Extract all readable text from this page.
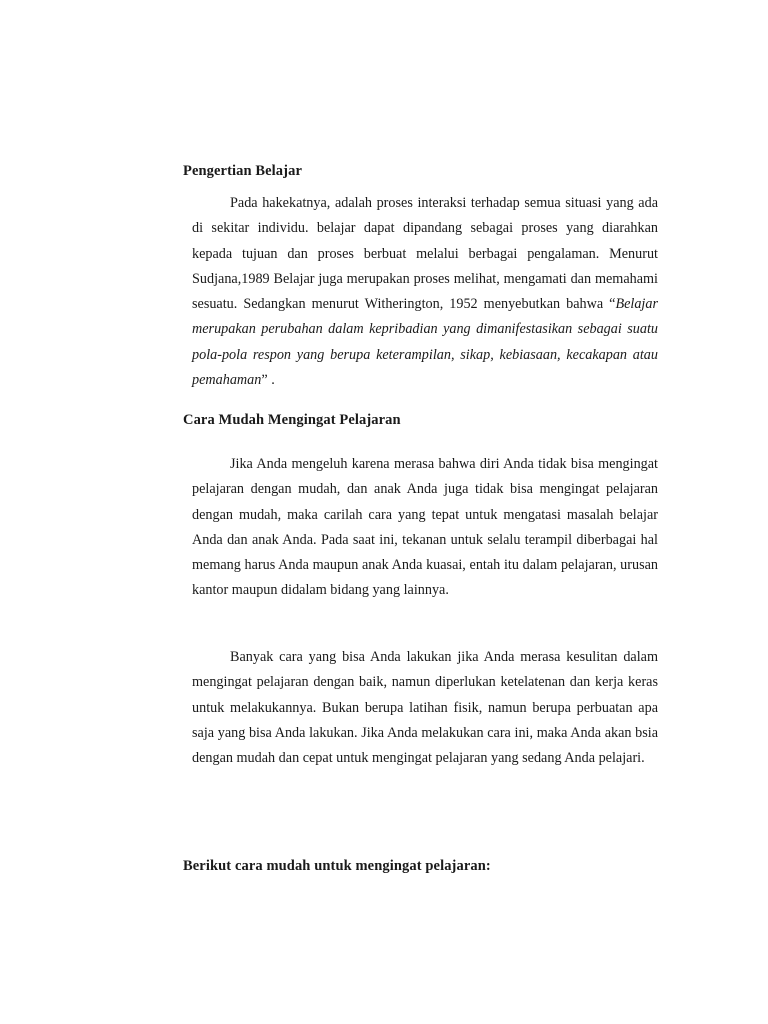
Pengertian Belajar
Pada hakekatnya, adalah proses interaksi terhadap semua situasi yang ada di sekitar individu. belajar dapat dipandang sebagai proses yang diarahkan kepada tujuan dan proses berbuat melalui berbagai pengalaman. Menurut Sudjana,1989 Belajar juga merupakan proses melihat, mengamati dan memahami sesuatu. Sedangkan menurut Witherington, 1952 menyebutkan bahwa “Belajar merupakan perubahan dalam kepribadian yang dimanifestasikan sebagai suatu pola-pola respon yang berupa keterampilan, sikap, kebiasaan, kecakapan atau pemahaman” .
Cara Mudah Mengingat Pelajaran
Jika Anda mengeluh karena merasa bahwa diri Anda tidak bisa mengingat pelajaran dengan mudah, dan anak Anda juga tidak bisa mengingat pelajaran dengan mudah, maka carilah cara yang tepat untuk mengatasi masalah belajar Anda dan anak Anda. Pada saat ini, tekanan untuk selalu terampil diberbagai hal memang harus Anda maupun anak Anda kuasai, entah itu dalam pelajaran, urusan kantor maupun didalam bidang yang lainnya.
Banyak cara yang bisa Anda lakukan jika Anda merasa kesulitan dalam mengingat pelajaran dengan baik, namun diperlukan ketelatenan dan kerja keras untuk melakukannya. Bukan berupa latihan fisik, namun berupa perbuatan apa saja yang bisa Anda lakukan. Jika Anda melakukan cara ini, maka Anda akan bsia dengan mudah dan cepat untuk mengingat pelajaran yang sedang Anda pelajari.
Berikut cara mudah untuk mengingat pelajaran:
